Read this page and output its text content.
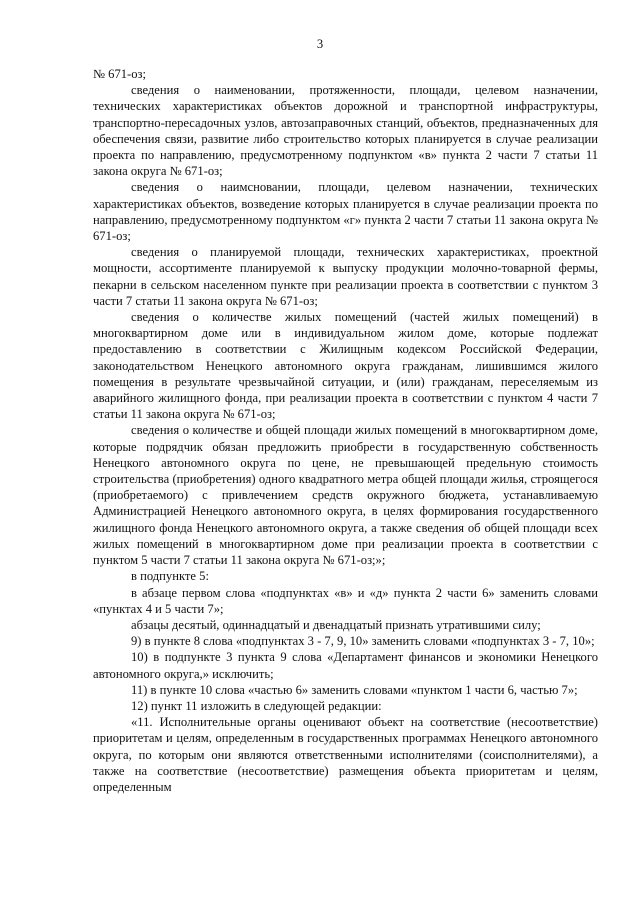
3

№ 671-оз;

сведения о наименовании, протяженности, площади, целевом назначении, технических характеристиках объектов дорожной и транспортной инфраструктуры, транспортно-пересадочных узлов, автозаправочных станций, объектов, предназначенных для обеспечения связи, развитие либо строительство которых планируется в случае реализации проекта по направлению, предусмотренному подпунктом «в» пункта 2 части 7 статьи 11 закона округа № 671-оз;

сведения о наимсновании, площади, целевом назначении, технических характеристиках объектов, возведение которых планируется в случае реализации проекта по направлению, предусмотренному подпунктом «г» пункта 2 части 7 статьи 11 закона округа № 671-оз;

сведения о планируемой площади, технических характеристиках, проектной мощности, ассортименте планируемой к выпуску продукции молочно-товарной фермы, пекарни в сельском населенном пункте при реализации проекта в соответствии с пунктом 3 части 7 статьи 11 закона округа № 671-оз;

сведения о количестве жилых помещений (частей жилых помещений) в многоквартирном доме или в индивидуальном жилом доме, которые подлежат предоставлению в соответствии с Жилищным кодексом Российской Федерации, законодательством Ненецкого автономного округа гражданам, лишившимся жилого помещения в результате чрезвычайной ситуации, и (или) гражданам, переселяемым из аварийного жилищного фонда, при реализации проекта в соответствии с пунктом 4 части 7 статьи 11 закона округа № 671-оз;

сведения о количестве и общей площади жилых помещений в многоквартирном доме, которые подрядчик обязан предложить приобрести в государственную собственность Ненецкого автономного округа по цене, не превышающей предельную стоимость строительства (приобретения) одного квадратного метра общей площади жилья, строящегося (приобретаемого) с привлечением средств окружного бюджета, устанавливаемую Администрацией Ненецкого автономного округа, в целях формирования государственного жилищного фонда Ненецкого автономного округа, а также сведения об общей площади всех жилых помещений в многоквартирном доме при реализации проекта в соответствии с пунктом 5 части 7 статьи 11 закона округа № 671-оз;»;

в подпункте 5:

в абзаце первом слова «подпунктах «в» и «д» пункта 2 части 6» заменить словами «пунктах 4 и 5 части 7»;

абзацы десятый, одиннадцатый и двенадцатый признать утратившими силу;

9) в пункте 8 слова «подпунктах 3 - 7, 9, 10» заменить словами «подпунктах 3 - 7, 10»;

10) в подпункте 3 пункта 9 слова «Департамент финансов и экономики Ненецкого автономного округа,» исключить;

11) в пункте 10 слова «частью 6» заменить словами «пунктом 1 части 6, частью 7»;

12) пункт 11 изложить в следующей редакции:

«11. Исполнительные органы оценивают объект на соответствие (несоответствие) приоритетам и целям, определенным в государственных программах Ненецкого автономного округа, по которым они являются ответственными исполнителями (соисполнителями), а также на соответствие (несоответствие) размещения объекта приоритетам и целям, определенным
